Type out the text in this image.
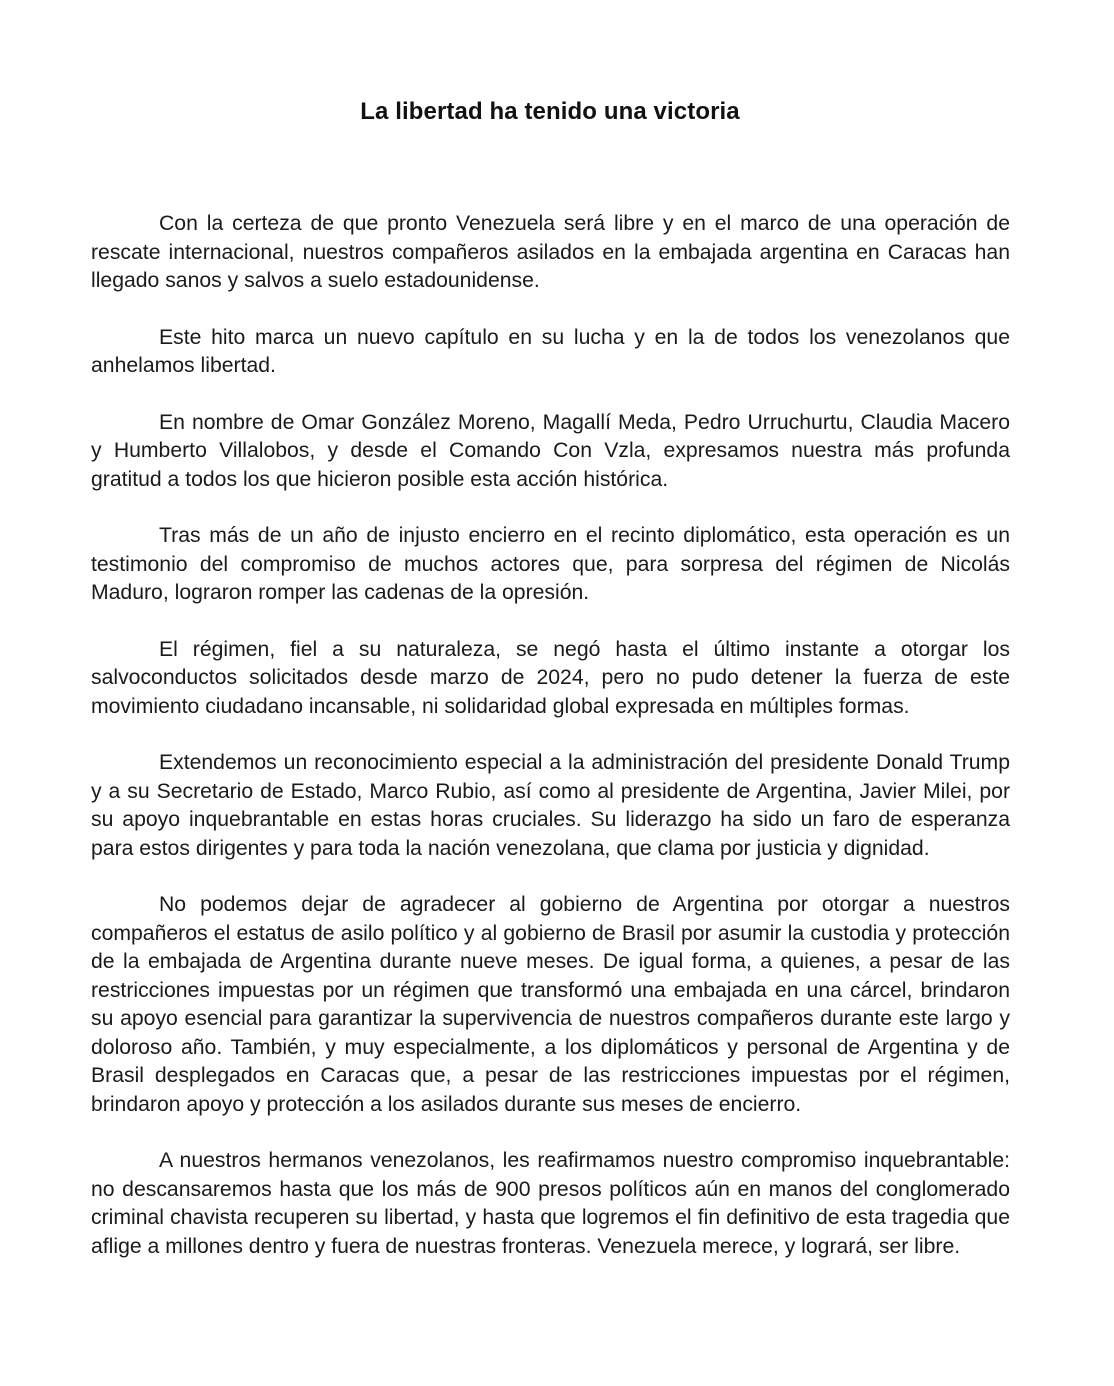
La libertad ha tenido una victoria

Con la certeza de que pronto Venezuela será libre y en el marco de una operación de rescate internacional, nuestros compañeros asilados en la embajada argentina en Caracas han llegado sanos y salvos a suelo estadounidense.

Este hito marca un nuevo capítulo en su lucha y en la de todos los venezolanos que anhelamos libertad.

En nombre de Omar González Moreno, Magallí Meda, Pedro Urruchurtu, Claudia Macero y Humberto Villalobos, y desde el Comando Con Vzla, expresamos nuestra más profunda gratitud a todos los que hicieron posible esta acción histórica.

Tras más de un año de injusto encierro en el recinto diplomático, esta operación es un testimonio del compromiso de muchos actores que, para sorpresa del régimen de Nicolás Maduro, lograron romper las cadenas de la opresión.

El régimen, fiel a su naturaleza, se negó hasta el último instante a otorgar los salvoconductos solicitados desde marzo de 2024, pero no pudo detener la fuerza de este movimiento ciudadano incansable, ni solidaridad global expresada en múltiples formas.

Extendemos un reconocimiento especial a la administración del presidente Donald Trump y a su Secretario de Estado, Marco Rubio, así como al presidente de Argentina, Javier Milei, por su apoyo inquebrantable en estas horas cruciales. Su liderazgo ha sido un faro de esperanza para estos dirigentes y para toda la nación venezolana, que clama por justicia y dignidad.

No podemos dejar de agradecer al gobierno de Argentina por otorgar a nuestros compañeros el estatus de asilo político y al gobierno de Brasil por asumir la custodia y protección de la embajada de Argentina durante nueve meses. De igual forma, a quienes, a pesar de las restricciones impuestas por un régimen que transformó una embajada en una cárcel, brindaron su apoyo esencial para garantizar la supervivencia de nuestros compañeros durante este largo y doloroso año. También, y muy especialmente, a los diplomáticos y personal de Argentina y de Brasil desplegados en Caracas que, a pesar de las restricciones impuestas por el régimen, brindaron apoyo y protección a los asilados durante sus meses de encierro.

A nuestros hermanos venezolanos, les reafirmamos nuestro compromiso inquebrantable: no descansaremos hasta que los más de 900 presos políticos aún en manos del conglomerado criminal chavista recuperen su libertad, y hasta que logremos el fin definitivo de esta tragedia que aflige a millones dentro y fuera de nuestras fronteras. Venezuela merece, y logrará, ser libre.
